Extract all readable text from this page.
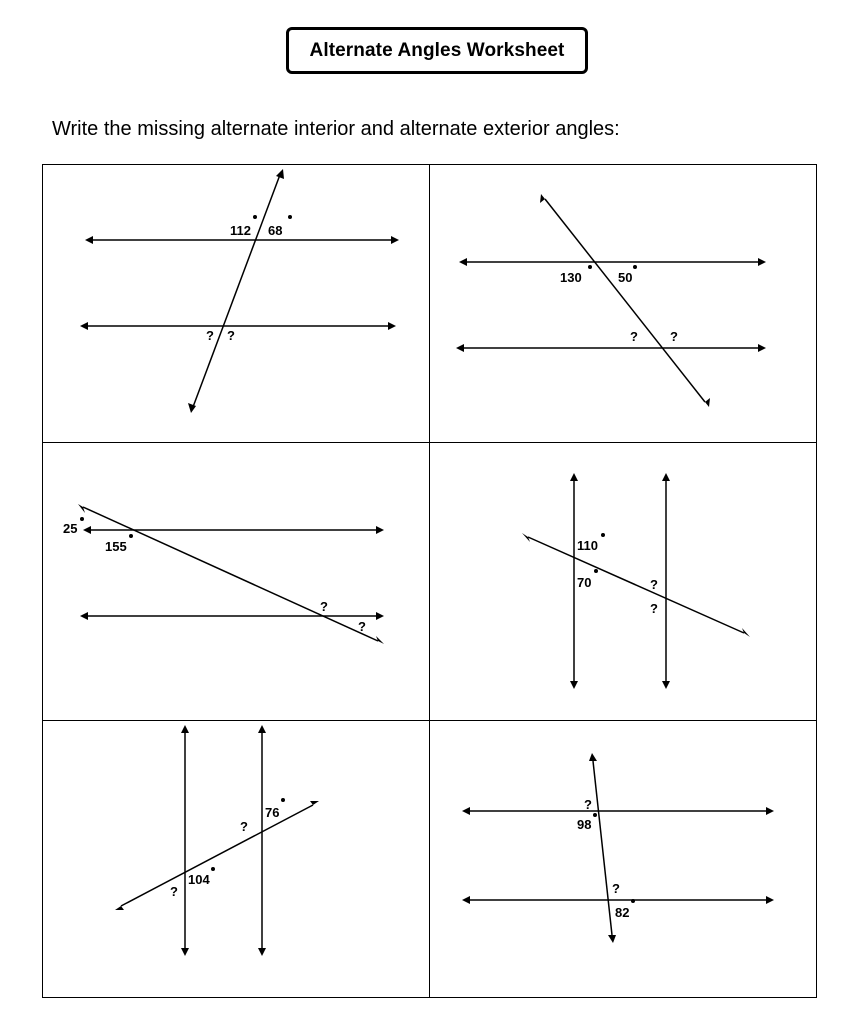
Alternate Angles Worksheet
Write the missing alternate interior and alternate exterior angles:
112 68
? ?
130	50
? ?
25
155
?
?
110
70	?
?
76
?
104
?
?
98
?
82
